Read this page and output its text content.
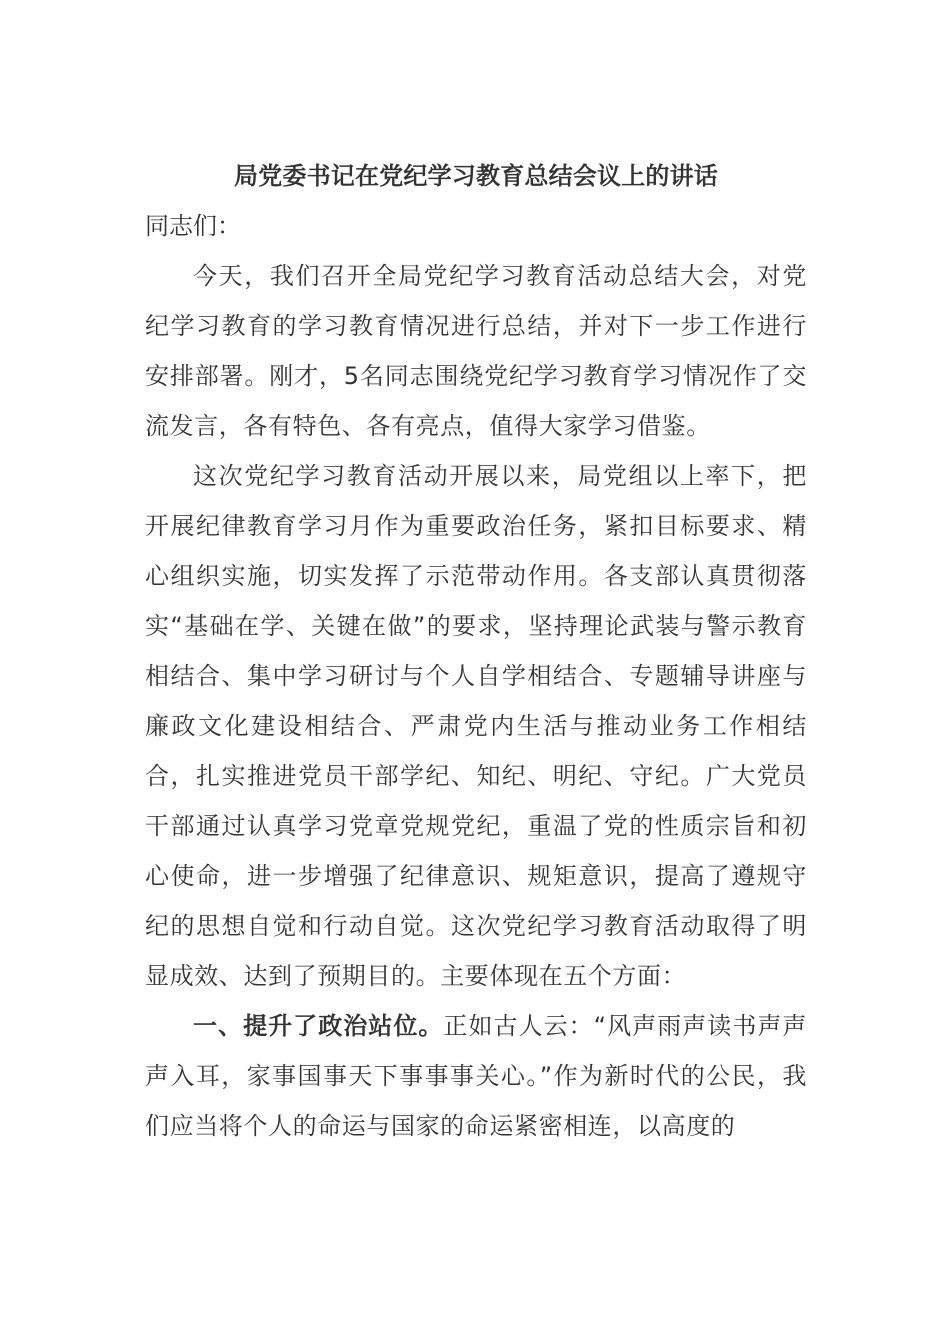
局党委书记在党纪学习教育总结会议上的讲话

同志们：

今天，我们召开全局党纪学习教育活动总结大会，对党纪学习教育的学习教育情况进行总结，并对下一步工作进行安排部署。刚才，5名同志围绕党纪学习教育学习情况作了交流发言，各有特色、各有亮点，值得大家学习借鉴。

这次党纪学习教育活动开展以来，局党组以上率下，把开展纪律教育学习月作为重要政治任务，紧扣目标要求、精心组织实施，切实发挥了示范带动作用。各支部认真贯彻落实“基础在学、关键在做”的要求，坚持理论武装与警示教育相结合、集中学习研讨与个人自学相结合、专题辅导讲座与廉政文化建设相结合、严肃党内生活与推动业务工作相结合，扎实推进党员干部学纪、知纪、明纪、守纪。广大党员干部通过认真学习党章党规党纪，重温了党的性质宗旨和初心使命，进一步增强了纪律意识、规矩意识，提高了遵规守纪的思想自觉和行动自觉。这次党纪学习教育活动取得了明显成效、达到了预期目的。主要体现在五个方面：

一、提升了政治站位。正如古人云：“风声雨声读书声声声入耳，家事国事天下事事事关心。”作为新时代的公民，我们应当将个人的命运与国家的命运紧密相连，以高度的
